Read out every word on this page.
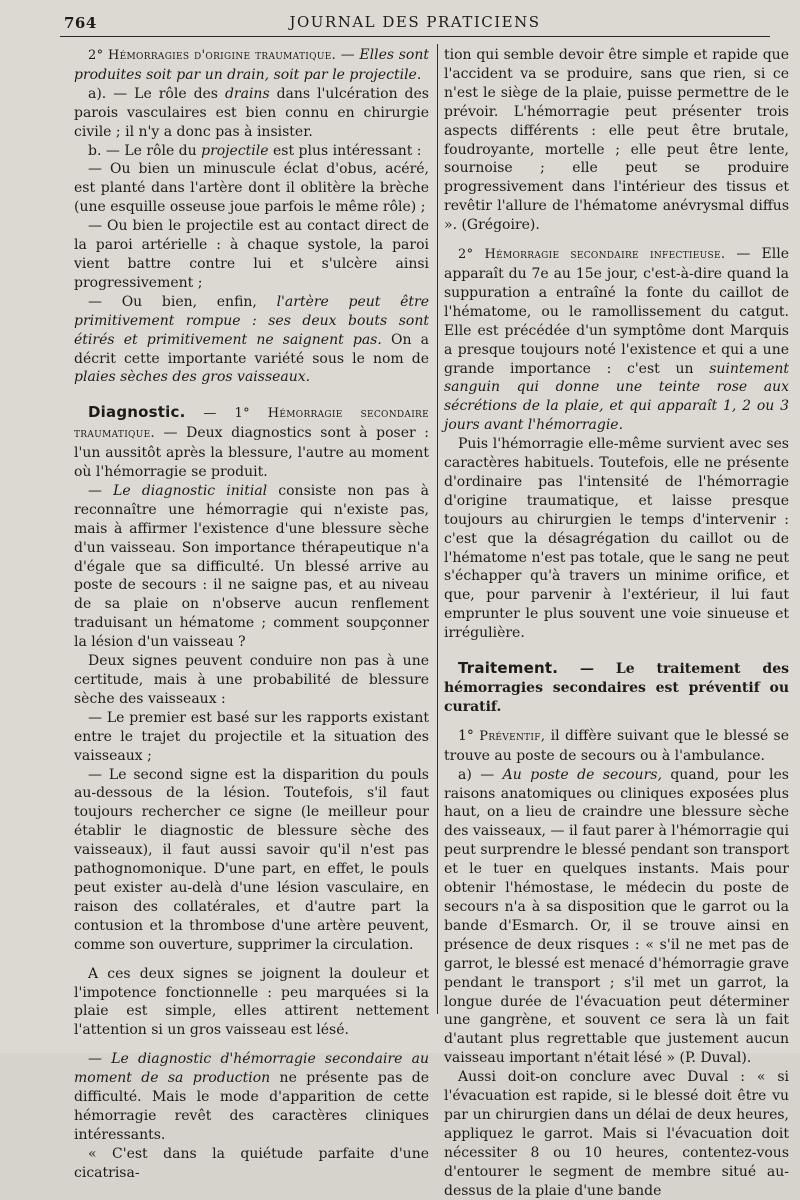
764	JOURNAL DES PRATICIENS

2° Hémorragies d'origine traumatique. — Elles sont produites soit par un drain, soit par le projectile.

a). — Le rôle des drains dans l'ulcération des parois vasculaires est bien connu en chirurgie civile ; il n'y a donc pas à insister.

b. — Le rôle du projectile est plus intéressant :

— Ou bien un minuscule éclat d'obus, acéré, est planté dans l'artère dont il oblitère la brèche (une esquille osseuse joue parfois le même rôle) ;

— Ou bien le projectile est au contact direct de la paroi artérielle : à chaque systole, la paroi vient battre contre lui et s'ulcère ainsi progressivement ;

— Ou bien, enfin, l'artère peut être primitivement rompue : ses deux bouts sont étirés et primitivement ne saignent pas. On a décrit cette importante variété sous le nom de plaies sèches des gros vaisseaux.

Diagnostic. — 1° Hémorragie secondaire traumatique. — Deux diagnostics sont à poser : l'un aussitôt après la blessure, l'autre au moment où l'hémorragie se produit.

— Le diagnostic initial consiste non pas à reconnaître une hémorragie qui n'existe pas, mais à affirmer l'existence d'une blessure sèche d'un vaisseau. Son importance thérapeutique n'a d'égale que sa difficulté. Un blessé arrive au poste de secours : il ne saigne pas, et au niveau de sa plaie on n'observe aucun renflement traduisant un hématome ; comment soupçonner la lésion d'un vaisseau ?

Deux signes peuvent conduire non pas à une certitude, mais à une probabilité de blessure sèche des vaisseaux :

— Le premier est basé sur les rapports existant entre le trajet du projectile et la situation des vaisseaux ;

— Le second signe est la disparition du pouls au-dessous de la lésion. Toutefois, s'il faut toujours rechercher ce signe (le meilleur pour établir le diagnostic de blessure sèche des vaisseaux), il faut aussi savoir qu'il n'est pas pathognomonique. D'une part, en effet, le pouls peut exister au-delà d'une lésion vasculaire, en raison des collatérales, et d'autre part la contusion et la thrombose d'une artère peuvent, comme son ouverture, supprimer la circulation.

A ces deux signes se joignent la douleur et l'impotence fonctionnelle : peu marquées si la plaie est simple, elles attirent nettement l'attention si un gros vaisseau est lésé.

— Le diagnostic d'hémorragie secondaire au moment de sa production ne présente pas de difficulté. Mais le mode d'apparition de cette hémorragie revêt des caractères cliniques intéressants.

« C'est dans la quiétude parfaite d'une cicatrisa-

tion qui semble devoir être simple et rapide que l'accident va se produire, sans que rien, si ce n'est le siège de la plaie, puisse permettre de le prévoir. L'hémorragie peut présenter trois aspects différents : elle peut être brutale, foudroyante, mortelle ; elle peut être lente, sournoise ; elle peut se produire progressivement dans l'intérieur des tissus et revêtir l'allure de l'hématome anévrysmal diffus ». (Grégoire).

2° Hémorragie secondaire infectieuse. — Elle apparaît du 7e au 15e jour, c'est-à-dire quand la suppuration a entraîné la fonte du caillot de l'hématome, ou le ramollissement du catgut. Elle est précédée d'un symptôme dont Marquis a presque toujours noté l'existence et qui a une grande importance : c'est un suintement sanguin qui donne une teinte rose aux sécrétions de la plaie, et qui apparaît 1, 2 ou 3 jours avant l'hémorragie.

Puis l'hémorragie elle-même survient avec ses caractères habituels. Toutefois, elle ne présente d'ordinaire pas l'intensité de l'hémorragie d'origine traumatique, et laisse presque toujours au chirurgien le temps d'intervenir : c'est que la désagrégation du caillot ou de l'hématome n'est pas totale, que le sang ne peut s'échapper qu'à travers un minime orifice, et que, pour parvenir à l'extérieur, il lui faut emprunter le plus souvent une voie sinueuse et irrégulière.

Traitement. — Le traitement des hémorragies secondaires est préventif ou curatif.

1° Préventif, il diffère suivant que le blessé se trouve au poste de secours ou à l'ambulance.

a) — Au poste de secours, quand, pour les raisons anatomiques ou cliniques exposées plus haut, on a lieu de craindre une blessure sèche des vaisseaux, — il faut parer à l'hémorragie qui peut surprendre le blessé pendant son transport et le tuer en quelques instants. Mais pour obtenir l'hémostase, le médecin du poste de secours n'a à sa disposition que le garrot ou la bande d'Esmarch. Or, il se trouve ainsi en présence de deux risques : « s'il ne met pas de garrot, le blessé est menacé d'hémorragie grave pendant le transport ; s'il met un garrot, la longue durée de l'évacuation peut déterminer une gangrène, et souvent ce sera là un fait d'autant plus regrettable que justement aucun vaisseau important n'était lésé » (P. Duval).

Aussi doit-on conclure avec Duval : « si l'évacuation est rapide, si le blessé doit être vu par un chirurgien dans un délai de deux heures, appliquez le garrot. Mais si l'évacuation doit nécessiter 8 ou 10 heures, contentez-vous d'entourer le segment de membre situé au-dessus de la plaie d'une bande
